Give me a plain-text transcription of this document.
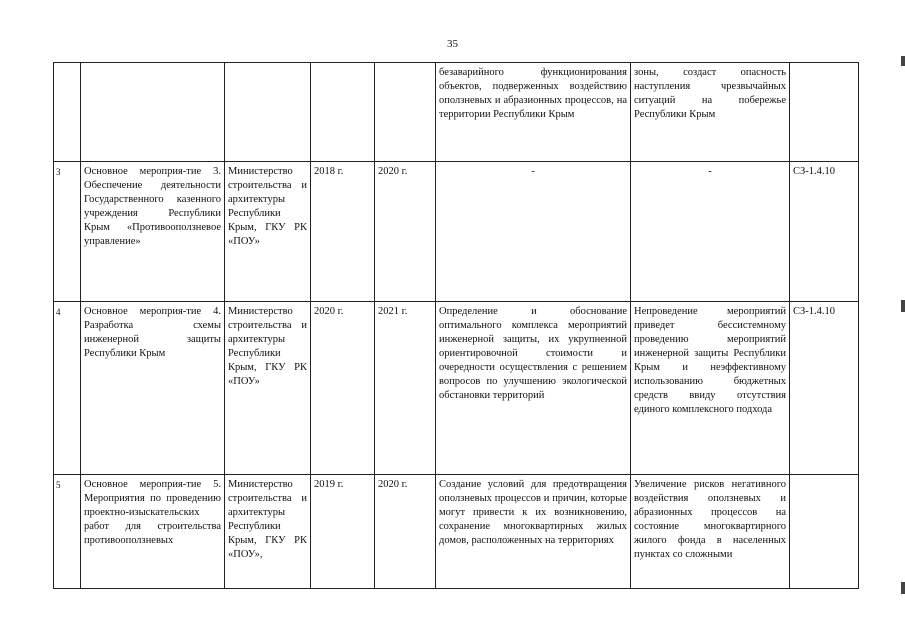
35
					безаварийного функционирования объектов, подверженных воздействию оползневых и абразионных процессов, на территории Республики Крым	зоны, создаст опасность наступления чрезвычайных ситуаций на побережье Республики Крым	
3	Основное мероприя-тие 3. Обеспечение деятельности Государственного казенного учреждения Республики Крым «Противооползневое управление»	Министерство строительства и архитектуры Республики Крым, ГКУ РК «ПОУ»	2018 г.	2020 г.	-	-	СЗ-1.4.10
4	Основное мероприя-тие 4. Разработка схемы инженерной защиты Республики Крым	Министерство строительства и архитектуры Республики Крым, ГКУ РК «ПОУ»	2020 г.	2021 г.	Определение и обоснование оптимального комплекса мероприятий инженерной защиты, их укрупненной ориентировочной стоимости и очередности осуществления с решением вопросов по улучшению экологической обстановки территорий	Непроведение мероприятий приведет бессистемному проведению мероприятий инженерной защиты Республики Крым и неэффективному использованию бюджетных средств ввиду отсутствия единого комплексного подхода	СЗ-1.4.10
5	Основное мероприя-тие 5. Мероприятия по проведению проектно-изыскательских работ для строительства противооползневых	Министерство строительства и архитектуры Республики Крым, ГКУ РК «ПОУ»,	2019 г.	2020 г.	Создание условий для предотвращения оползневых процессов и причин, которые могут привести к их возникновению, сохранение многоквартирных жилых домов, расположенных на территориях	Увеличение рисков негативного воздействия оползневых и абразионных процессов на состояние многоквартирного жилого фонда в населенных пунктах со сложными	
